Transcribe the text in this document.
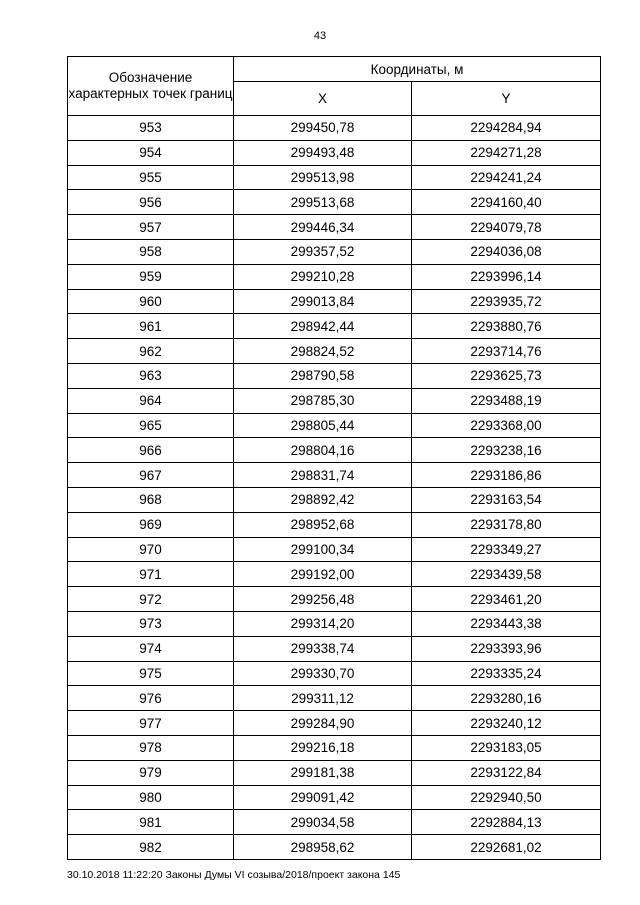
43
Обозначение характерных точек границ	Координаты, м	
	X	Y
953	299450,78	2294284,94
954	299493,48	2294271,28
955	299513,98	2294241,24
956	299513,68	2294160,40
957	299446,34	2294079,78
958	299357,52	2294036,08
959	299210,28	2293996,14
960	299013,84	2293935,72
961	298942,44	2293880,76
962	298824,52	2293714,76
963	298790,58	2293625,73
964	298785,30	2293488,19
965	298805,44	2293368,00
966	298804,16	2293238,16
967	298831,74	2293186,86
968	298892,42	2293163,54
969	298952,68	2293178,80
970	299100,34	2293349,27
971	299192,00	2293439,58
972	299256,48	2293461,20
973	299314,20	2293443,38
974	299338,74	2293393,96
975	299330,70	2293335,24
976	299311,12	2293280,16
977	299284,90	2293240,12
978	299216,18	2293183,05
979	299181,38	2293122,84
980	299091,42	2292940,50
981	299034,58	2292884,13
982	298958,62	2292681,02
30.10.2018 11:22:20 Законы Думы VI созыва/2018/проект закона 145
